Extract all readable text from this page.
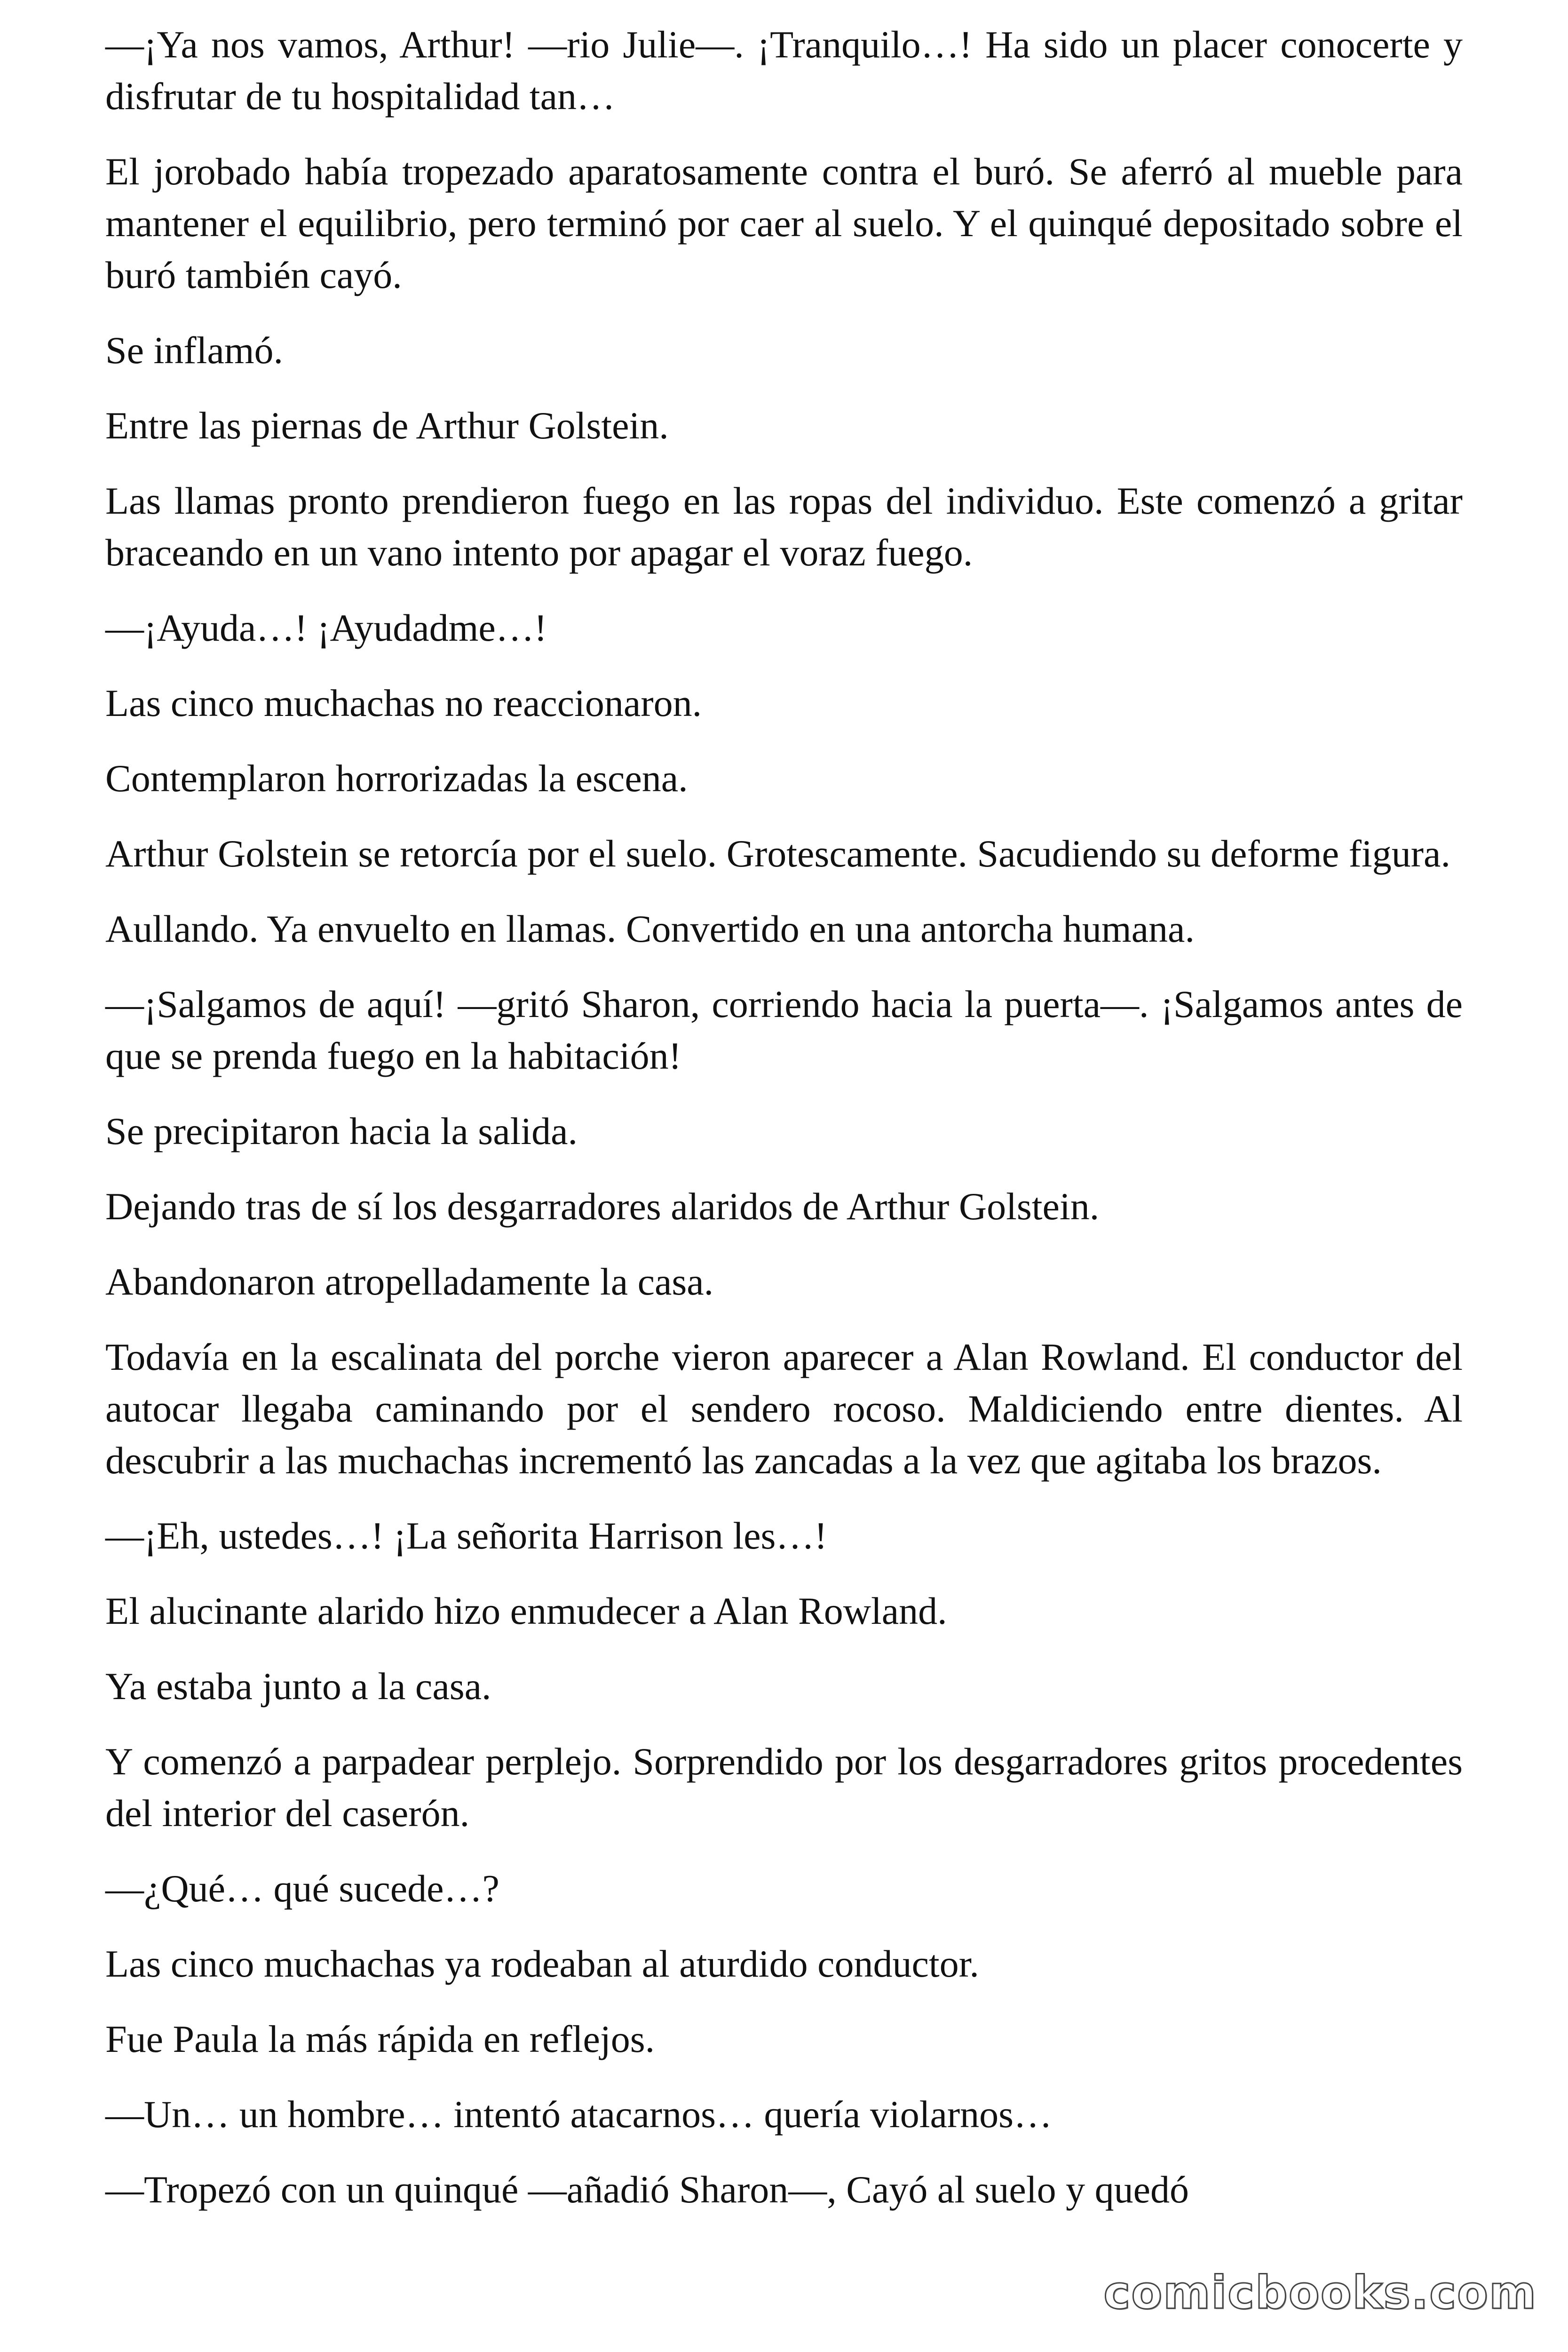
—¡Ya nos vamos, Arthur! —rio Julie—. ¡Tranquilo…! Ha sido un placer conocerte y disfrutar de tu hospitalidad tan…

El jorobado había tropezado aparatosamente contra el buró. Se aferró al mueble para mantener el equilibrio, pero terminó por caer al suelo. Y el quinqué depositado sobre el buró también cayó.

Se inflamó.

Entre las piernas de Arthur Golstein.

Las llamas pronto prendieron fuego en las ropas del individuo. Este comenzó a gritar braceando en un vano intento por apagar el voraz fuego.

—¡Ayuda…! ¡Ayudadme…!

Las cinco muchachas no reaccionaron.

Contemplaron horrorizadas la escena.

Arthur Golstein se retorcía por el suelo. Grotescamente. Sacudiendo su deforme figura.

Aullando. Ya envuelto en llamas. Convertido en una antorcha humana.

—¡Salgamos de aquí! —gritó Sharon, corriendo hacia la puerta—. ¡Salgamos antes de que se prenda fuego en la habitación!

Se precipitaron hacia la salida.

Dejando tras de sí los desgarradores alaridos de Arthur Golstein.

Abandonaron atropelladamente la casa.

Todavía en la escalinata del porche vieron aparecer a Alan Rowland. El conductor del autocar llegaba caminando por el sendero rocoso. Maldiciendo entre dientes. Al descubrir a las muchachas incrementó las zancadas a la vez que agitaba los brazos.

—¡Eh, ustedes…! ¡La señorita Harrison les…!

El alucinante alarido hizo enmudecer a Alan Rowland.

Ya estaba junto a la casa.

Y comenzó a parpadear perplejo. Sorprendido por los desgarradores gritos procedentes del interior del caserón.

—¿Qué… qué sucede…?

Las cinco muchachas ya rodeaban al aturdido conductor.

Fue Paula la más rápida en reflejos.

—Un… un hombre… intentó atacarnos… quería violarnos…

—Tropezó con un quinqué —añadió Sharon—, Cayó al suelo y quedó

comicbooks.com
